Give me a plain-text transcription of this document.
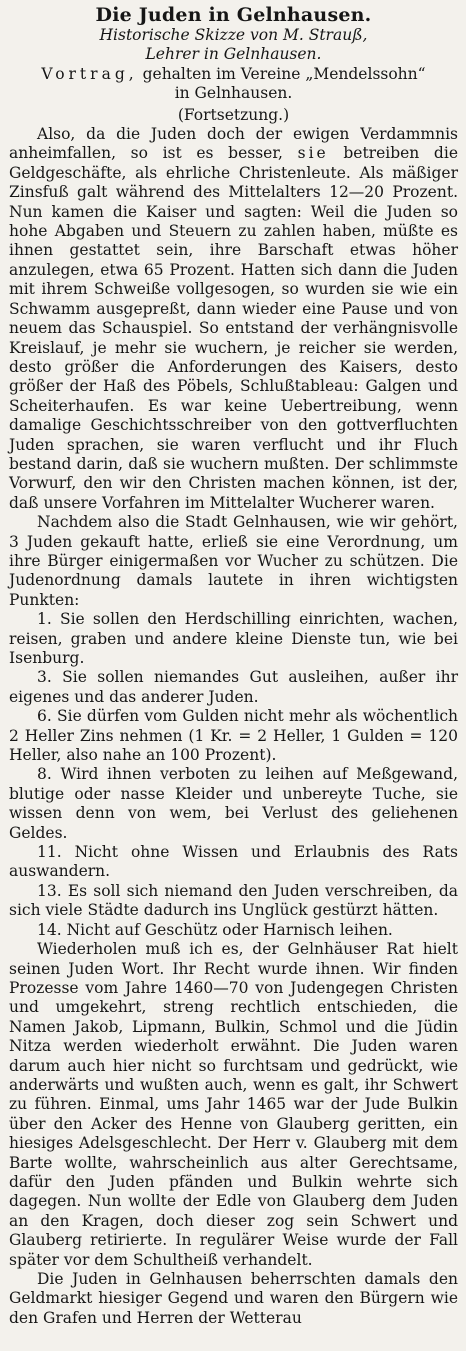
Die Juden in Gelnhausen.

Historische Skizze von M. Strauß,

Lehrer in Gelnhausen.

Vortrag, gehalten im Vereine „Mendelssohn“

in Gelnhausen.

(Fortsetzung.)

Also, da die Juden doch der ewigen Verdammnis anheimfallen, so ist es besser, sie betreiben die Geldgeschäfte, als ehrliche Christenleute. Als mäßiger Zinsfuß galt während des Mittelalters 12—20 Prozent. Nun kamen die Kaiser und sagten: Weil die Juden so hohe Abgaben und Steuern zu zahlen haben, müßte es ihnen gestattet sein, ihre Barschaft etwas höher anzulegen, etwa 65 Prozent. Hatten sich dann die Juden mit ihrem Schweiße vollgesogen, so wurden sie wie ein Schwamm ausgepreßt, dann wieder eine Pause und von neuem das Schauspiel. So entstand der verhängnisvolle Kreislauf, je mehr sie wuchern, je reicher sie werden, desto größer die Anforderungen des Kaisers, desto größer der Haß des Pöbels, Schlußtableau: Galgen und Scheiterhaufen. Es war keine Uebertreibung, wenn damalige Geschichtsschreiber von den gottverfluchten Juden sprachen, sie waren verflucht und ihr Fluch bestand darin, daß sie wuchern mußten. Der schlimmste Vorwurf, den wir den Christen machen können, ist der, daß unsere Vorfahren im Mittelalter Wucherer waren.

Nachdem also die Stadt Gelnhausen, wie wir gehört, 3 Juden gekauft hatte, erließ sie eine Verordnung, um ihre Bürger einigermaßen vor Wucher zu schützen. Die Judenordnung damals lautete in ihren wichtigsten Punkten:

1. Sie sollen den Herdschilling einrichten, wachen, reisen, graben und andere kleine Dienste tun, wie bei Isenburg.

3. Sie sollen niemandes Gut ausleihen, außer ihr eigenes und das anderer Juden.

6. Sie dürfen vom Gulden nicht mehr als wöchentlich 2 Heller Zins nehmen (1 Kr. = 2 Heller, 1 Gulden = 120 Heller, also nahe an 100 Prozent).

8. Wird ihnen verboten zu leihen auf Meßgewand, blutige oder nasse Kleider und unbereyte Tuche, sie wissen denn von wem, bei Verlust des geliehenen Geldes.

11. Nicht ohne Wissen und Erlaubnis des Rats auswandern.

13. Es soll sich niemand den Juden verschreiben, da sich viele Städte dadurch ins Unglück gestürzt hätten.

14. Nicht auf Geschütz oder Harnisch leihen.

Wiederholen muß ich es, der Gelnhäuser Rat hielt seinen Juden Wort. Ihr Recht wurde ihnen. Wir finden Prozesse vom Jahre 1460—70 von Judengegen Christen und umgekehrt, streng rechtlich entschieden, die Namen Jakob, Lipmann, Bulkin, Schmol und die Jüdin Nitza werden wiederholt erwähnt. Die Juden waren darum auch hier nicht so furchtsam und gedrückt, wie anderwärts und wußten auch, wenn es galt, ihr Schwert zu führen. Einmal, ums Jahr 1465 war der Jude Bulkin über den Acker des Henne von Glauberg geritten, ein hiesiges Adelsgeschlecht. Der Herr v. Glauberg mit dem Barte wollte, wahrscheinlich aus alter Gerechtsame, dafür den Juden pfänden und Bulkin wehrte sich dagegen. Nun wollte der Edle von Glauberg dem Juden an den Kragen, doch dieser zog sein Schwert und Glauberg retirierte. In regulärer Weise wurde der Fall später vor dem Schultheiß verhandelt.

Die Juden in Gelnhausen beherrschten damals den Geldmarkt hiesiger Gegend und waren den Bürgern wie den Grafen und Herren der Wetterau
